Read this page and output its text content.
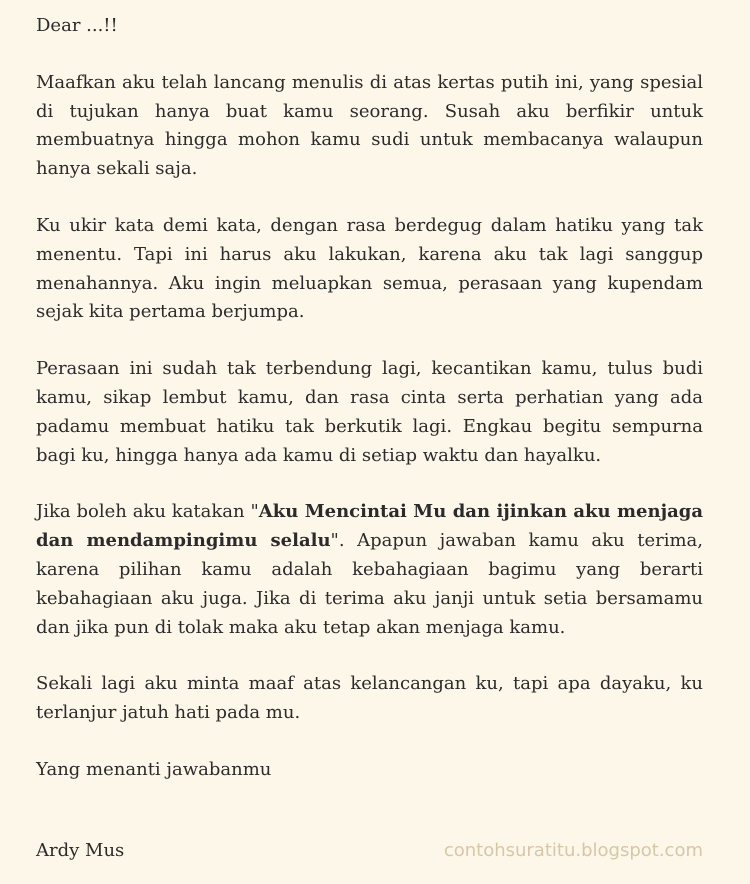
Dear ...!!

Maafkan aku telah lancang menulis di atas kertas putih ini, yang spesial di tujukan hanya buat kamu seorang. Susah aku berfikir untuk membuatnya hingga mohon kamu sudi untuk membacanya walaupun hanya sekali saja.

Ku ukir kata demi kata, dengan rasa berdegug dalam hatiku yang tak menentu. Tapi ini harus aku lakukan, karena aku tak lagi sanggup menahannya. Aku ingin meluapkan semua, perasaan yang kupendam sejak kita pertama berjumpa.

Perasaan ini sudah tak terbendung lagi, kecantikan kamu, tulus budi kamu, sikap lembut kamu, dan rasa cinta serta perhatian yang ada padamu membuat hatiku tak berkutik lagi. Engkau begitu sempurna bagi ku, hingga hanya ada kamu di setiap waktu dan hayalku.

Jika boleh aku katakan "Aku Mencintai Mu dan ijinkan aku menjaga dan mendampingimu selalu". Apapun jawaban kamu aku terima, karena pilihan kamu adalah kebahagiaan bagimu yang berarti kebahagiaan aku juga. Jika di terima aku janji untuk setia bersamamu dan jika pun di tolak maka aku tetap akan menjaga kamu.

Sekali lagi aku minta maaf atas kelancangan ku, tapi apa dayaku, ku terlanjur jatuh hati pada mu.

Yang menanti jawabanmu

Ardy Mus	contohsuratitu.blogspot.com
